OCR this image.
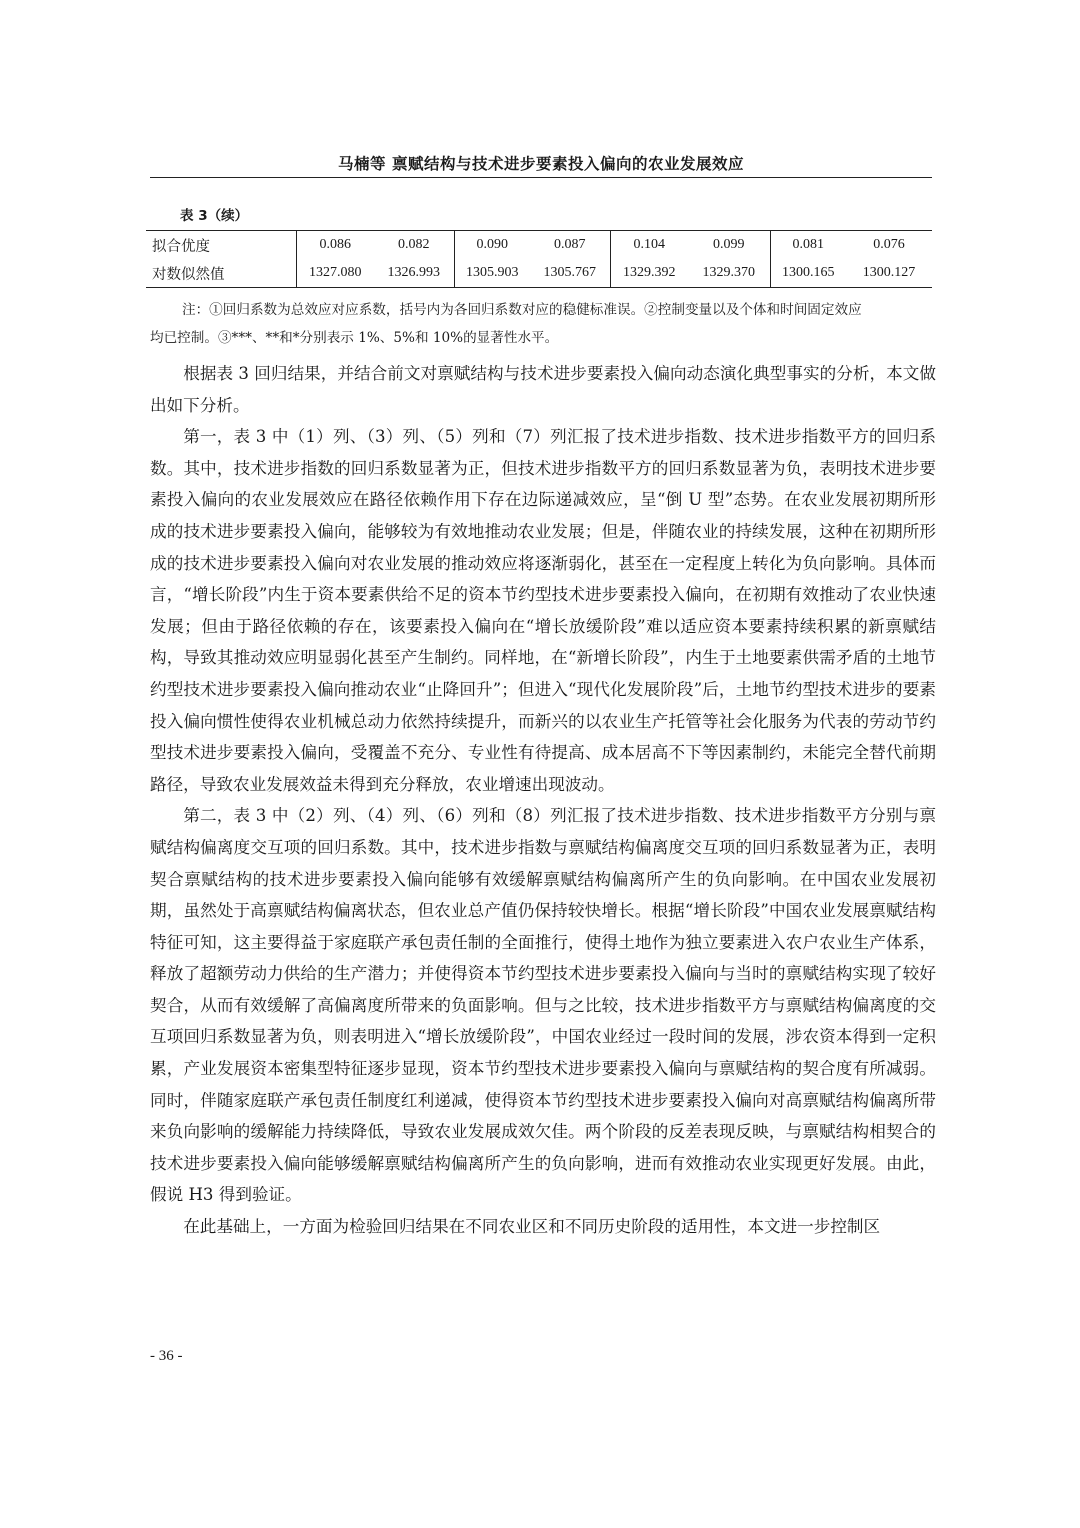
马楠等 禀赋结构与技术进步要素投入偏向的农业发展效应
表 3（续）
拟合优度	0.086	0.082	0.090	0.087	0.104	0.099	0.081	0.076
对数似然值	1327.080	1326.993	1305.903	1305.767	1329.392	1329.370	1300.165	1300.127
注：①回归系数为总效应对应系数，括号内为各回归系数对应的稳健标准误。②控制变量以及个体和时间固定效应
均已控制。③***、**和*分别表示 1%、5%和 10%的显著性水平。

根据表 3 回归结果，并结合前文对禀赋结构与技术进步要素投入偏向动态演化典型事实的分析，本文做出如下分析。

第一，表 3 中（1）列、（3）列、（5）列和（7）列汇报了技术进步指数、技术进步指数平方的回归系数。其中，技术进步指数的回归系数显著为正，但技术进步指数平方的回归系数显著为负，表明技术进步要素投入偏向的农业发展效应在路径依赖作用下存在边际递减效应，呈“倒 U 型”态势。在农业发展初期所形成的技术进步要素投入偏向，能够较为有效地推动农业发展；但是，伴随农业的持续发展，这种在初期所形成的技术进步要素投入偏向对农业发展的推动效应将逐渐弱化，甚至在一定程度上转化为负向影响。具体而言，“增长阶段”内生于资本要素供给不足的资本节约型技术进步要素投入偏向，在初期有效推动了农业快速发展；但由于路径依赖的存在，该要素投入偏向在“增长放缓阶段”难以适应资本要素持续积累的新禀赋结构，导致其推动效应明显弱化甚至产生制约。同样地，在“新增长阶段”，内生于土地要素供需矛盾的土地节约型技术进步要素投入偏向推动农业“止降回升”；但进入“现代化发展阶段”后，土地节约型技术进步的要素投入偏向惯性使得农业机械总动力依然持续提升，而新兴的以农业生产托管等社会化服务为代表的劳动节约型技术进步要素投入偏向，受覆盖不充分、专业性有待提高、成本居高不下等因素制约，未能完全替代前期路径，导致农业发展效益未得到充分释放，农业增速出现波动。

第二，表 3 中（2）列、（4）列、（6）列和（8）列汇报了技术进步指数、技术进步指数平方分别与禀赋结构偏离度交互项的回归系数。其中，技术进步指数与禀赋结构偏离度交互项的回归系数显著为正，表明契合禀赋结构的技术进步要素投入偏向能够有效缓解禀赋结构偏离所产生的负向影响。在中国农业发展初期，虽然处于高禀赋结构偏离状态，但农业总产值仍保持较快增长。根据“增长阶段”中国农业发展禀赋结构特征可知，这主要得益于家庭联产承包责任制的全面推行，使得土地作为独立要素进入农户农业生产体系，释放了超额劳动力供给的生产潜力；并使得资本节约型技术进步要素投入偏向与当时的禀赋结构实现了较好契合，从而有效缓解了高偏离度所带来的负面影响。但与之比较，技术进步指数平方与禀赋结构偏离度的交互项回归系数显著为负，则表明进入“增长放缓阶段”，中国农业经过一段时间的发展，涉农资本得到一定积累，产业发展资本密集型特征逐步显现，资本节约型技术进步要素投入偏向与禀赋结构的契合度有所减弱。同时，伴随家庭联产承包责任制度红利递减，使得资本节约型技术进步要素投入偏向对高禀赋结构偏离所带来负向影响的缓解能力持续降低，导致农业发展成效欠佳。两个阶段的反差表现反映，与禀赋结构相契合的技术进步要素投入偏向能够缓解禀赋结构偏离所产生的负向影响，进而有效推动农业实现更好发展。由此，假说 H3 得到验证。

在此基础上，一方面为检验回归结果在不同农业区和不同历史阶段的适用性，本文进一步控制区

- 36 -
